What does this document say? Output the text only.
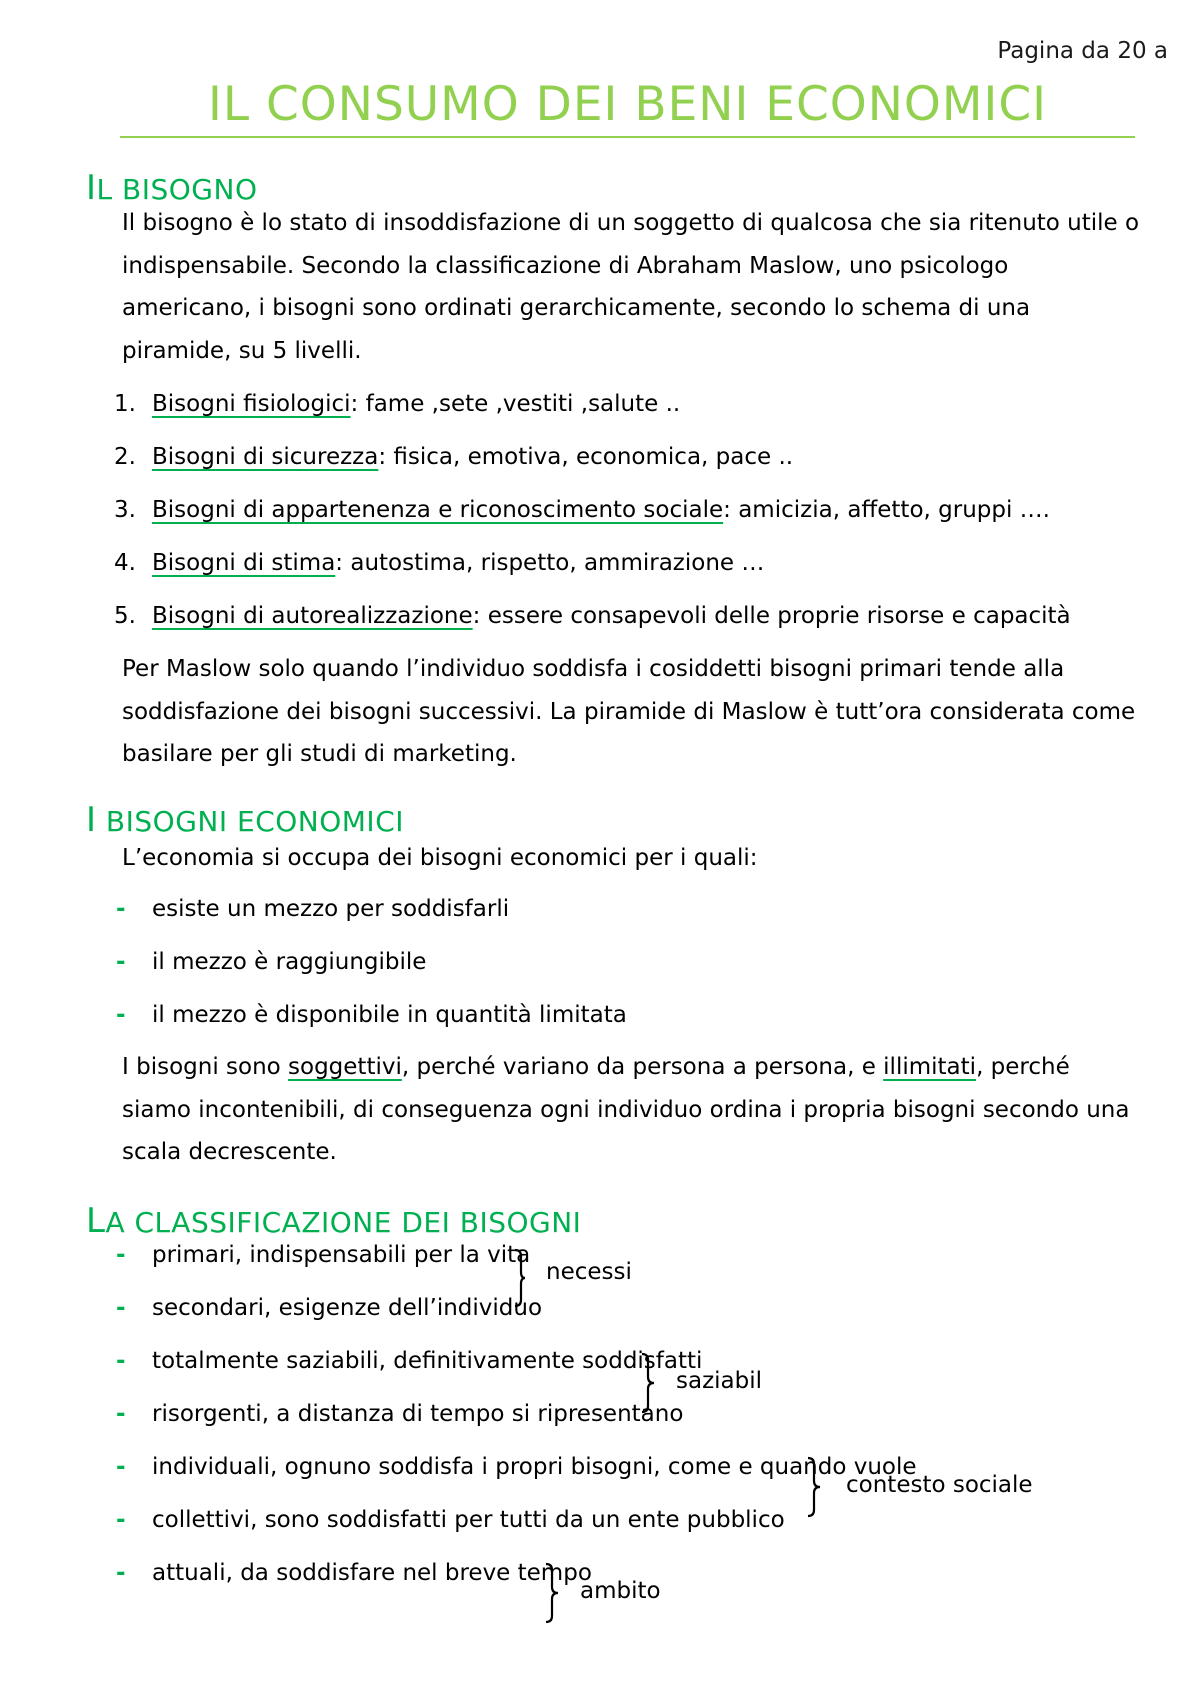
Pagina da 20 a
IL CONSUMO DEI BENI ECONOMICI
IL BISOGNO

Il bisogno è lo stato di insoddisfazione di un soggetto di qualcosa che sia ritenuto utile o indispensabile. Secondo la classificazione di Abraham Maslow, uno psicologo americano, i bisogni sono ordinati gerarchicamente, secondo lo schema di una piramide, su 5 livelli.

1. Bisogni fisiologici: fame ,sete ,vestiti ,salute ..
2. Bisogni di sicurezza: fisica, emotiva, economica, pace ..
3. Bisogni di appartenenza e riconoscimento sociale: amicizia, affetto, gruppi ….
4. Bisogni di stima: autostima, rispetto, ammirazione …
5. Bisogni di autorealizzazione: essere consapevoli delle proprie risorse e capacità

Per Maslow solo quando l’individuo soddisfa i cosiddetti bisogni primari tende alla soddisfazione dei bisogni successivi. La piramide di Maslow è tutt’ora considerata come basilare per gli studi di marketing.

I BISOGNI ECONOMICI

L’economia si occupa dei bisogni economici per i quali:

- esiste un mezzo per soddisfarli
- il mezzo è raggiungibile
- il mezzo è disponibile in quantità limitata

I bisogni sono soggettivi, perché variano da persona a persona, e illimitati, perché siamo incontenibili, di conseguenza ogni individuo ordina i propria bisogni secondo una scala decrescente.

LA CLASSIFICAZIONE DEI BISOGNI
- primari, indispensabili per la vita
- secondari, esigenze dell’individuo
- totalmente saziabili, definitivamente soddisfatti
- risorgenti, a distanza di tempo si ripresentano
- individuali, ognuno soddisfa i propri bisogni, come e quando vuole
- collettivi, sono soddisfatti per tutti da un ente pubblico
- attuali, da soddisfare nel breve tempo
necessi
saziabil
contesto sociale
ambito
